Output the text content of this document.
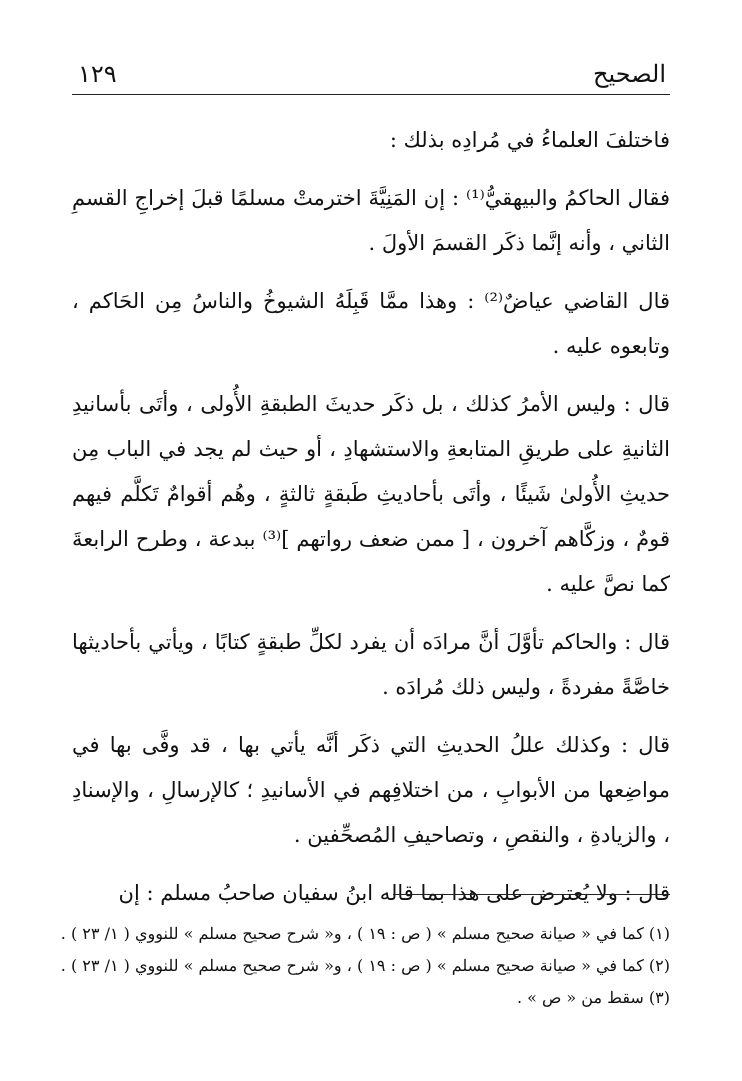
الصحيح
١٢٩

فاختلفَ العلماءُ في مُرادِه بذلك :

فقال الحاكمُ والبيهقيُّ⁽¹⁾ : إن المَنِيَّةَ اخترمتْ مسلمًا قبلَ إخراجِ القسمِ الثاني ، وأنه إنَّما ذكَر القسمَ الأولَ .

قال القاضي عياضٌ⁽²⁾ : وهذا ممَّا قَبِلَهُ الشيوخُ والناسُ مِن الحَاكم ، وتابعوه عليه .

قال : وليس الأمرُ كذلك ، بل ذكَر حديثَ الطبقةِ الأُولى ، وأتَى بأسانيدِ الثانيةِ على طريقِ المتابعةِ والاستشهادِ ، أو حيث لم يجد في الباب مِن حديثِ الأُولىٰ شَيئًا ، وأتَى بأحاديثِ طَبقةٍ ثالثةٍ ، وهُم أقوامٌ تَكلَّم فيهم قومٌ ، وزكَّاهم آخرون ، [ ممن ضعف رواتهم ]⁽³⁾ ببدعة ، وطرح الرابعةَ كما نصَّ عليه .

قال : والحاكم تأوَّلَ أنَّ مرادَه أن يفرد لكلِّ طبقةٍ كتابًا ، ويأتي بأحاديثها خاصَّةً مفردةً ، وليس ذلك مُرادَه .

قال : وكذلك عللُ الحديثِ التي ذكَر أنَّه يأتي بها ، قد وفَّى بها في مواضِعها من الأبوابِ ، من اختلافِهم في الأسانيدِ ؛ كالإرسالِ ، والإسنادِ ، والزيادةِ ، والنقصِ ، وتصاحيفِ المُصحِّفين .

قال : ولا يُعترض على هذا بما قاله ابنُ سفيان صاحبُ مسلم : إن

(١) كما في « صيانة صحيح مسلم » ( ص : ١٩ ) ، و« شرح صحيح مسلم » للنووي ( ١/ ٢٣ ) .
(٢) كما في « صيانة صحيح مسلم » ( ص : ١٩ ) ، و« شرح صحيح مسلم » للنووي ( ١/ ٢٣ ) .
(٣) سقط من « ص » .
